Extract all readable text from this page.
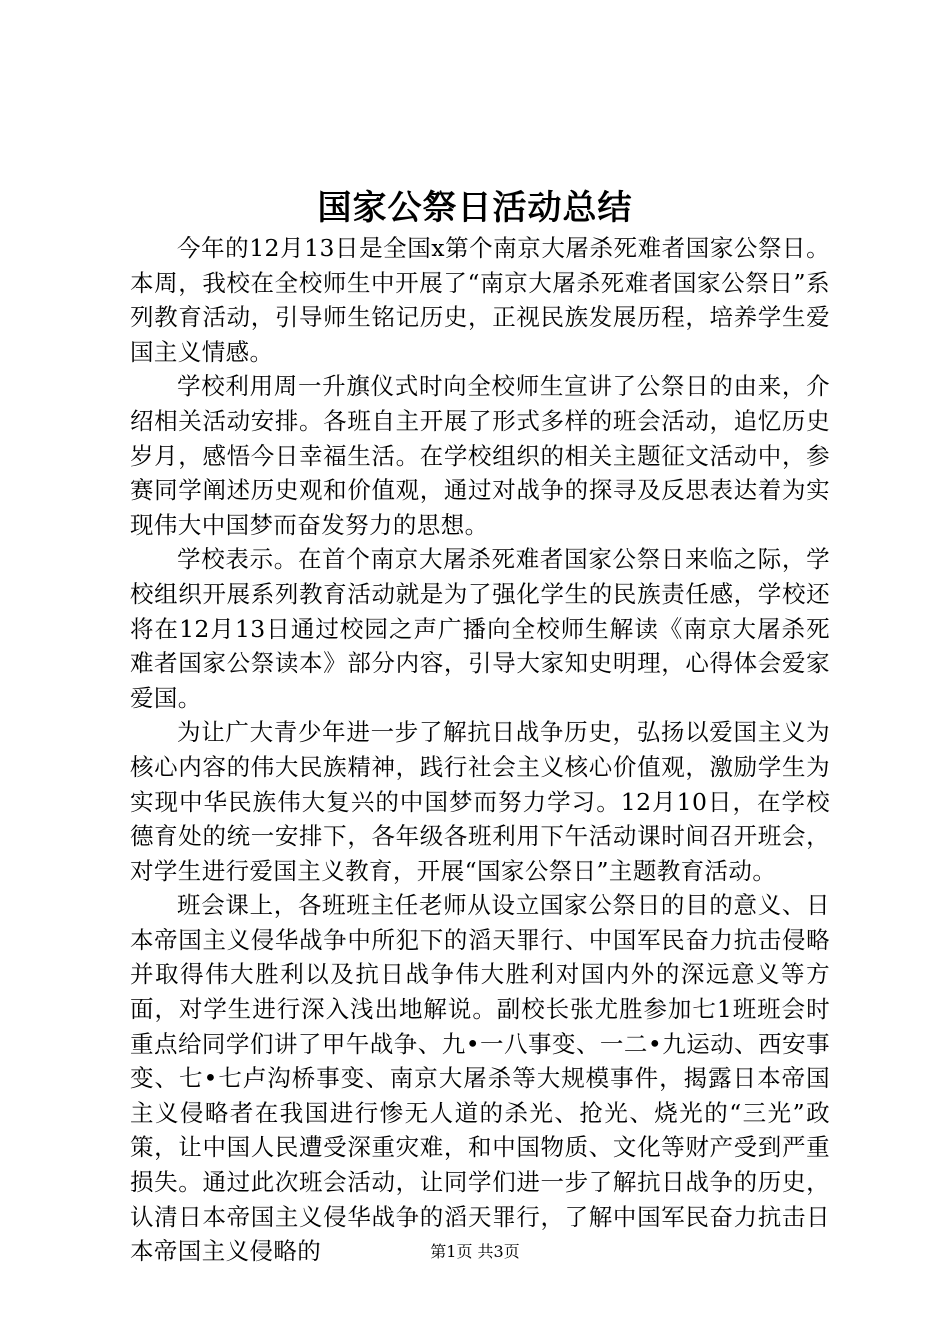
国家公祭日活动总结

今年的12月13日是全国x第个南京大屠杀死难者国家公祭日。本周，我校在全校师生中开展了“南京大屠杀死难者国家公祭日”系列教育活动，引导师生铭记历史，正视民族发展历程，培养学生爱国主义情感。

学校利用周一升旗仪式时向全校师生宣讲了公祭日的由来，介绍相关活动安排。各班自主开展了形式多样的班会活动，追忆历史岁月，感悟今日幸福生活。在学校组织的相关主题征文活动中，参赛同学阐述历史观和价值观，通过对战争的探寻及反思表达着为实现伟大中国梦而奋发努力的思想。

学校表示。在首个南京大屠杀死难者国家公祭日来临之际，学校组织开展系列教育活动就是为了强化学生的民族责任感，学校还将在12月13日通过校园之声广播向全校师生解读《南京大屠杀死难者国家公祭读本》部分内容，引导大家知史明理，心得体会爱家爱国。

为让广大青少年进一步了解抗日战争历史，弘扬以爱国主义为核心内容的伟大民族精神，践行社会主义核心价值观，激励学生为实现中华民族伟大复兴的中国梦而努力学习。12月10日，在学校德育处的统一安排下，各年级各班利用下午活动课时间召开班会，对学生进行爱国主义教育，开展“国家公祭日”主题教育活动。

班会课上，各班班主任老师从设立国家公祭日的目的意义、日本帝国主义侵华战争中所犯下的滔天罪行、中国军民奋力抗击侵略并取得伟大胜利以及抗日战争伟大胜利对国内外的深远意义等方面，对学生进行深入浅出地解说。副校长张尤胜参加七1班班会时重点给同学们讲了甲午战争、九•一八事变、一二•九运动、西安事变、七•七卢沟桥事变、南京大屠杀等大规模事件，揭露日本帝国主义侵略者在我国进行惨无人道的杀光、抢光、烧光的“三光”政策，让中国人民遭受深重灾难，和中国物质、文化等财产受到严重损失。通过此次班会活动，让同学们进一步了解抗日战争的历史，认清日本帝国主义侵华战争的滔天罪行，了解中国军民奋力抗击日本帝国主义侵略的	第1页 共3页
